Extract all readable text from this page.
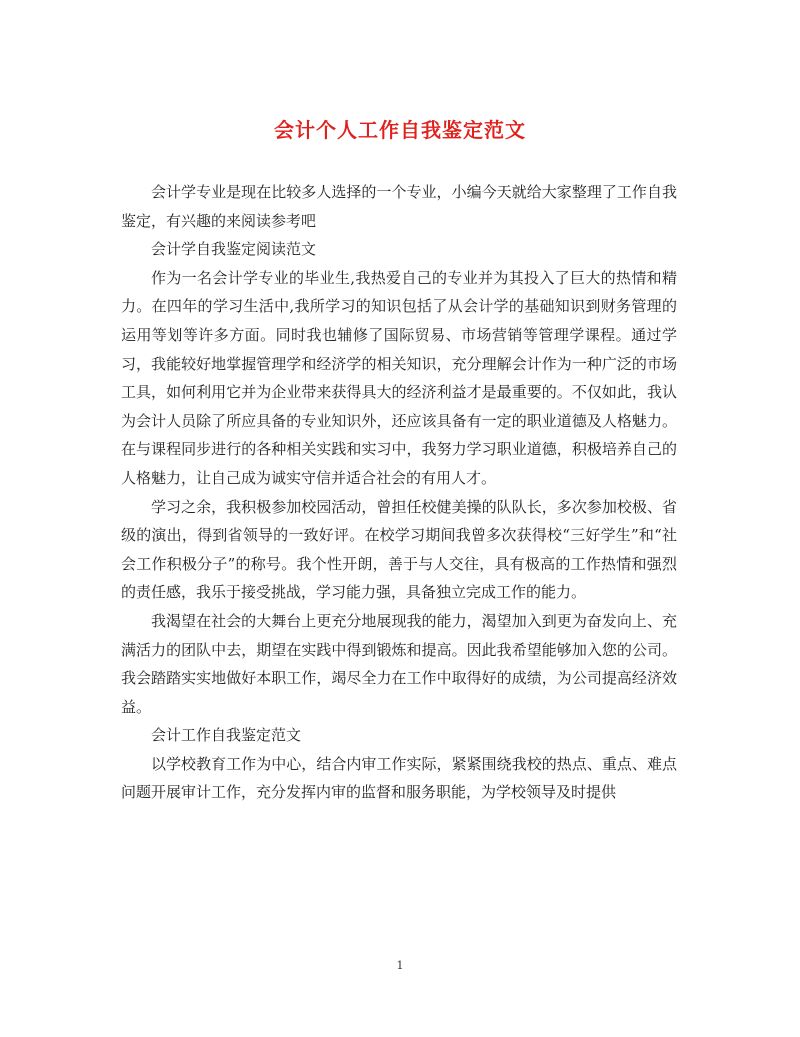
会计个人工作自我鉴定范文

会计学专业是现在比较多人选择的一个专业，小编今天就给大家整理了工作自我鉴定，有兴趣的来阅读参考吧

会计学自我鉴定阅读范文

作为一名会计学专业的毕业生,我热爱自己的专业并为其投入了巨大的热情和精力。在四年的学习生活中,我所学习的知识包括了从会计学的基础知识到财务管理的运用等划等许多方面。同时我也辅修了国际贸易、市场营销等管理学课程。通过学习，我能较好地掌握管理学和经济学的相关知识，充分理解会计作为一种广泛的市场工具，如何利用它并为企业带来获得具大的经济利益才是最重要的。不仅如此，我认为会计人员除了所应具备的专业知识外，还应该具备有一定的职业道德及人格魅力。在与课程同步进行的各种相关实践和实习中，我努力学习职业道德，积极培养自己的人格魅力，让自己成为诚实守信并适合社会的有用人才。

学习之余，我积极参加校园活动，曾担任校健美操的队队长，多次参加校极、省级的演出，得到省领导的一致好评。在校学习期间我曾多次获得校“三好学生”和“社会工作积极分子”的称号。我个性开朗，善于与人交往，具有极高的工作热情和强烈的责任感，我乐于接受挑战，学习能力强，具备独立完成工作的能力。

我渴望在社会的大舞台上更充分地展现我的能力，渴望加入到更为奋发向上、充满活力的团队中去，期望在实践中得到锻炼和提高。因此我希望能够加入您的公司。我会踏踏实实地做好本职工作，竭尽全力在工作中取得好的成绩，为公司提高经济效益。

会计工作自我鉴定范文

以学校教育工作为中心，结合内审工作实际，紧紧围绕我校的热点、重点、难点问题开展审计工作，充分发挥内审的监督和服务职能，为学校领导及时提供

1
